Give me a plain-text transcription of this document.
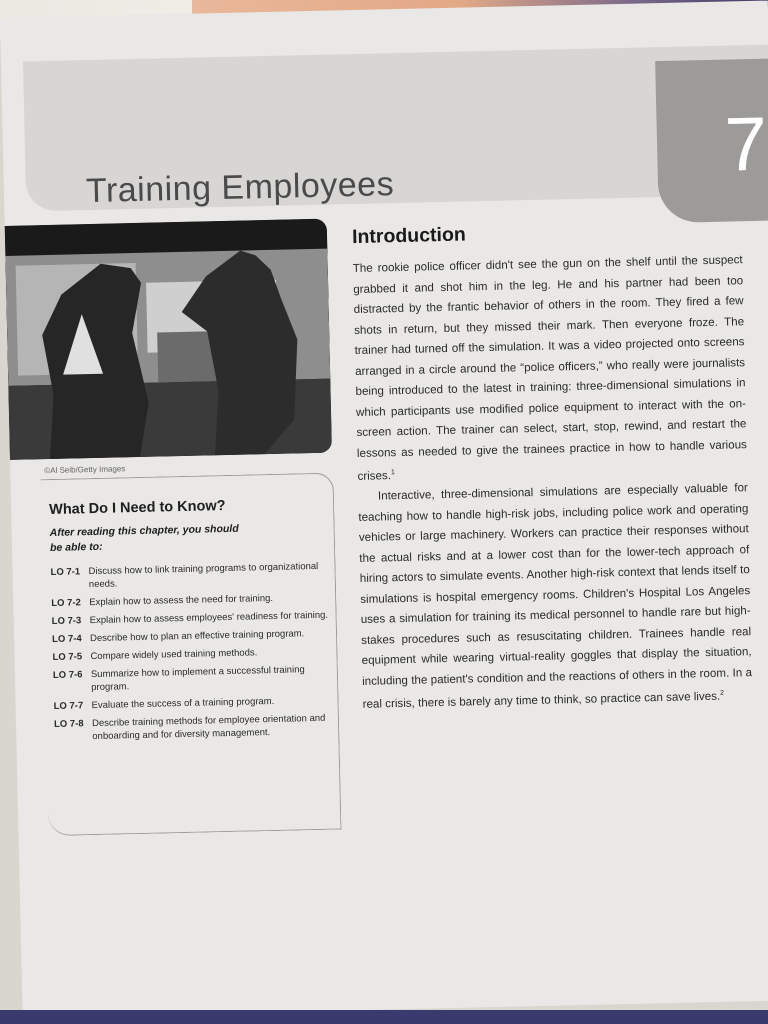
7
Training Employees
©Al Seib/Getty Images
What Do I Need to Know?
After reading this chapter, you should be able to:
LO 7-1 Discuss how to link training programs to organizational needs.
LO 7-2 Explain how to assess the need for training.
LO 7-3 Explain how to assess employees' readiness for training.
LO 7-4 Describe how to plan an effective training program.
LO 7-5 Compare widely used training methods.
LO 7-6 Summarize how to implement a successful training program.
LO 7-7 Evaluate the success of a training program.
LO 7-8 Describe training methods for employee orientation and onboarding and for diversity management.
Introduction

The rookie police officer didn't see the gun on the shelf until the suspect grabbed it and shot him in the leg. He and his partner had been too distracted by the frantic behavior of others in the room. They fired a few shots in return, but they missed their mark. Then everyone froze. The trainer had turned off the simulation. It was a video projected onto screens arranged in a circle around the “police officers,” who really were journalists being introduced to the latest in training: three-dimensional simulations in which participants use modified police equipment to interact with the on-screen action. The trainer can select, start, stop, rewind, and restart the lessons as needed to give the trainees practice in how to handle various crises.$^1$

Interactive, three-dimensional simulations are especially valuable for teaching how to handle high-risk jobs, including police work and operating vehicles or large machinery. Workers can practice their responses without the actual risks and at a lower cost than for the lower-tech approach of hiring actors to simulate events. Another high-risk context that lends itself to simulations is hospital emergency rooms. Children's Hospital Los Angeles uses a simulation for training its medical personnel to handle rare but high-stakes procedures such as resuscitating children. Trainees handle real equipment while wearing virtual-reality goggles that display the situation, including the patient's condition and the reactions of others in the room. In a real crisis, there is barely any time to think, so practice can save lives.$^2$
